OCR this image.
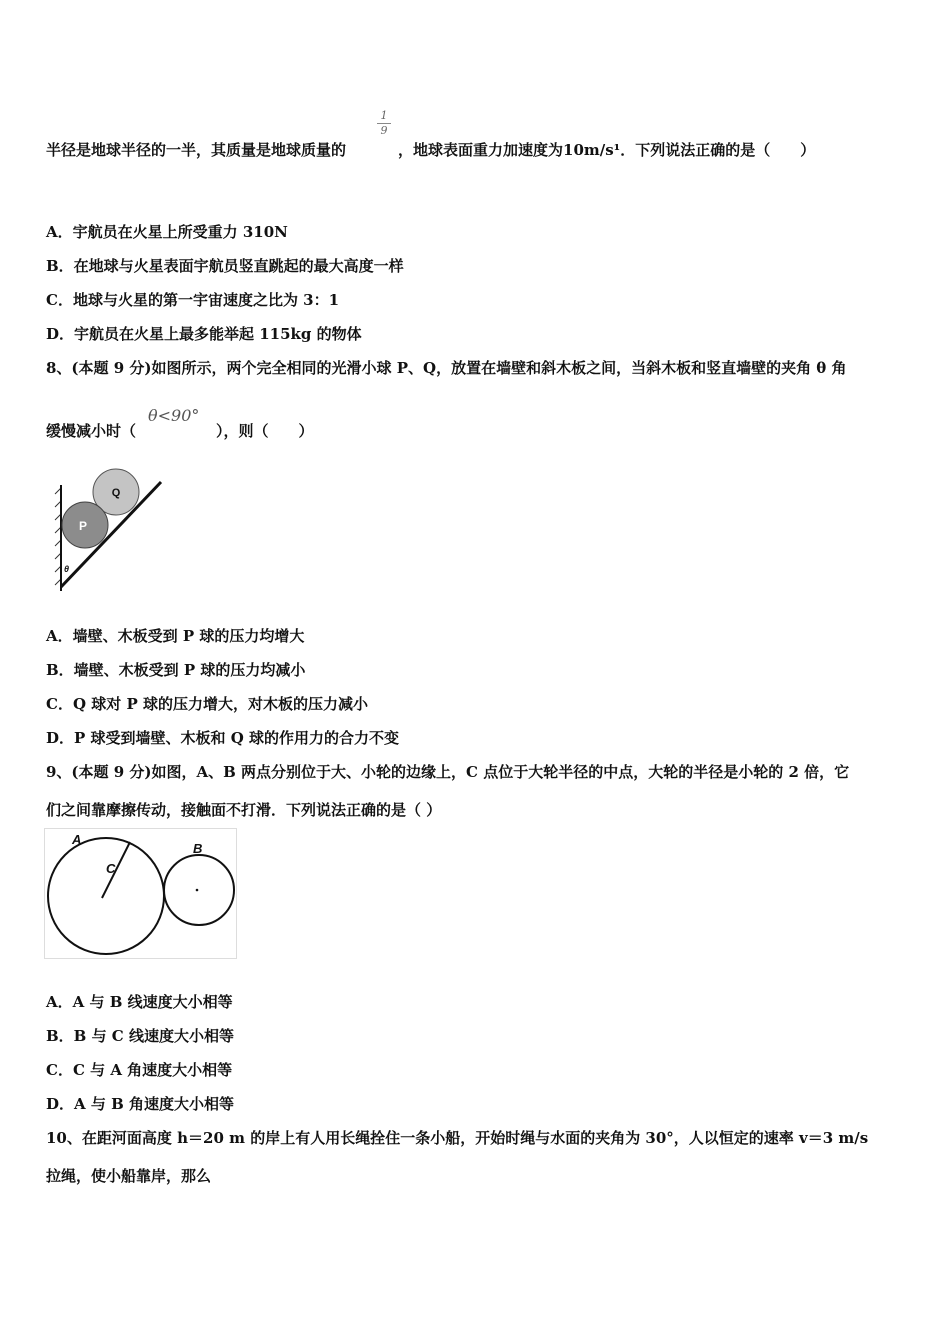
1
9
半径是地球半径的一半，其质量是地球质量的	，地球表面重力加速度为10m/s¹．下列说法正确的是（　　）
A．宇航员在火星上所受重力 310N
B．在地球与火星表面宇航员竖直跳起的最大高度一样
C．地球与火星的第一宇宙速度之比为 3：1
D．宇航员在火星上最多能举起 115kg 的物体
8、(本题 9 分)如图所示，两个完全相同的光滑小球 P、Q，放置在墙壁和斜木板之间，当斜木板和竖直墙壁的夹角 θ 角
缓慢减小时（
θ<90°
），则（　　）
Q
P
θ
A．墙壁、木板受到 P 球的压力均增大
B．墙壁、木板受到 P 球的压力均减小
C．Q 球对 P 球的压力增大，对木板的压力减小
D．P 球受到墙壁、木板和 Q 球的作用力的合力不变
9、(本题 9 分)如图，A、B 两点分别位于大、小轮的边缘上，C 点位于大轮半径的中点，大轮的半径是小轮的 2 倍，它
们之间靠摩擦传动，接触面不打滑．下列说法正确的是（ ）
A
B
C
A．A 与 B 线速度大小相等
B．B 与 C 线速度大小相等
C．C 与 A 角速度大小相等
D．A 与 B 角速度大小相等
10、在距河面高度 h＝20 m 的岸上有人用长绳拴住一条小船，开始时绳与水面的夹角为 30°，人以恒定的速率 v＝3 m/s
拉绳，使小船靠岸，那么
